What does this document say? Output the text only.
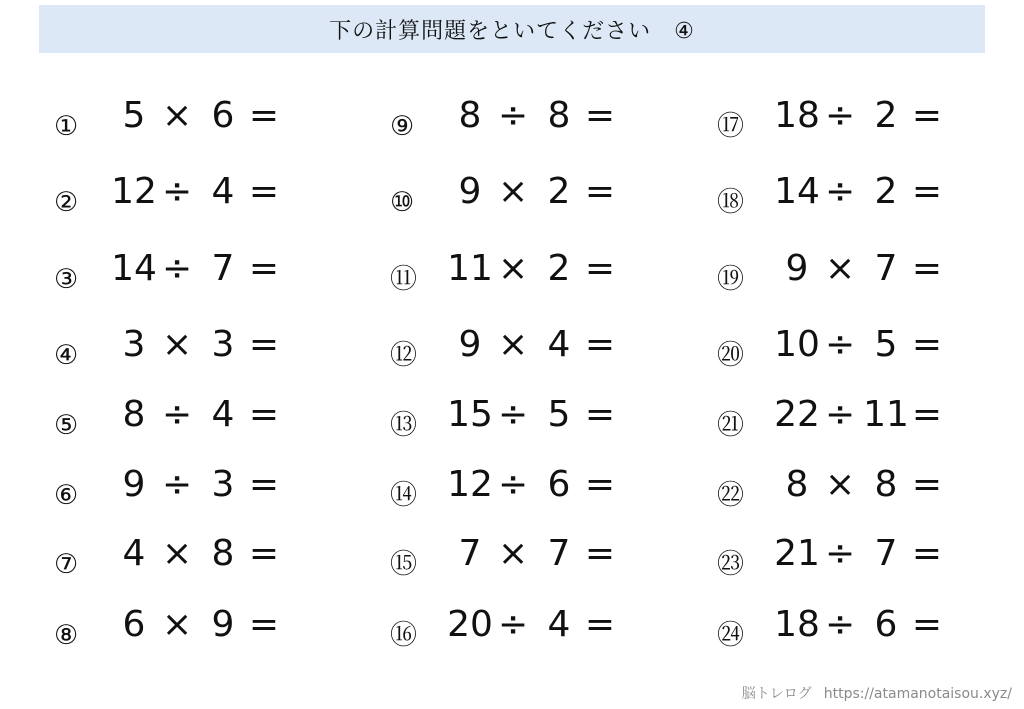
下の計算問題をといてください　④
①	5 × 6 =
② 12 ÷ 4 =
③ 14 ÷ 7 =
④	3 × 3 =
⑤	8 ÷ 4 =
⑥	9 ÷ 3 =
⑦	4 × 8 =
⑧	6 × 9 =
⑨	8 ÷ 8 =
⑩	9 × 2 =
⑪ 11 × 2 =
⑫	9 × 4 =
⑬ 15 ÷ 5 =
⑭ 12 ÷ 6 =
⑮	7 × 7 =
⑯ 20 ÷ 4 =
⑰ 18 ÷ 2 =
⑱ 14 ÷ 2 =
⑲	9 × 7 =
⑳ 10 ÷ 5 =
㉑ 22 ÷ 11 =
㉒	8 × 8 =
㉓ 21 ÷ 7 =
㉔ 18 ÷ 6 =
脳トレログ https://atamanotaisou.xyz/
